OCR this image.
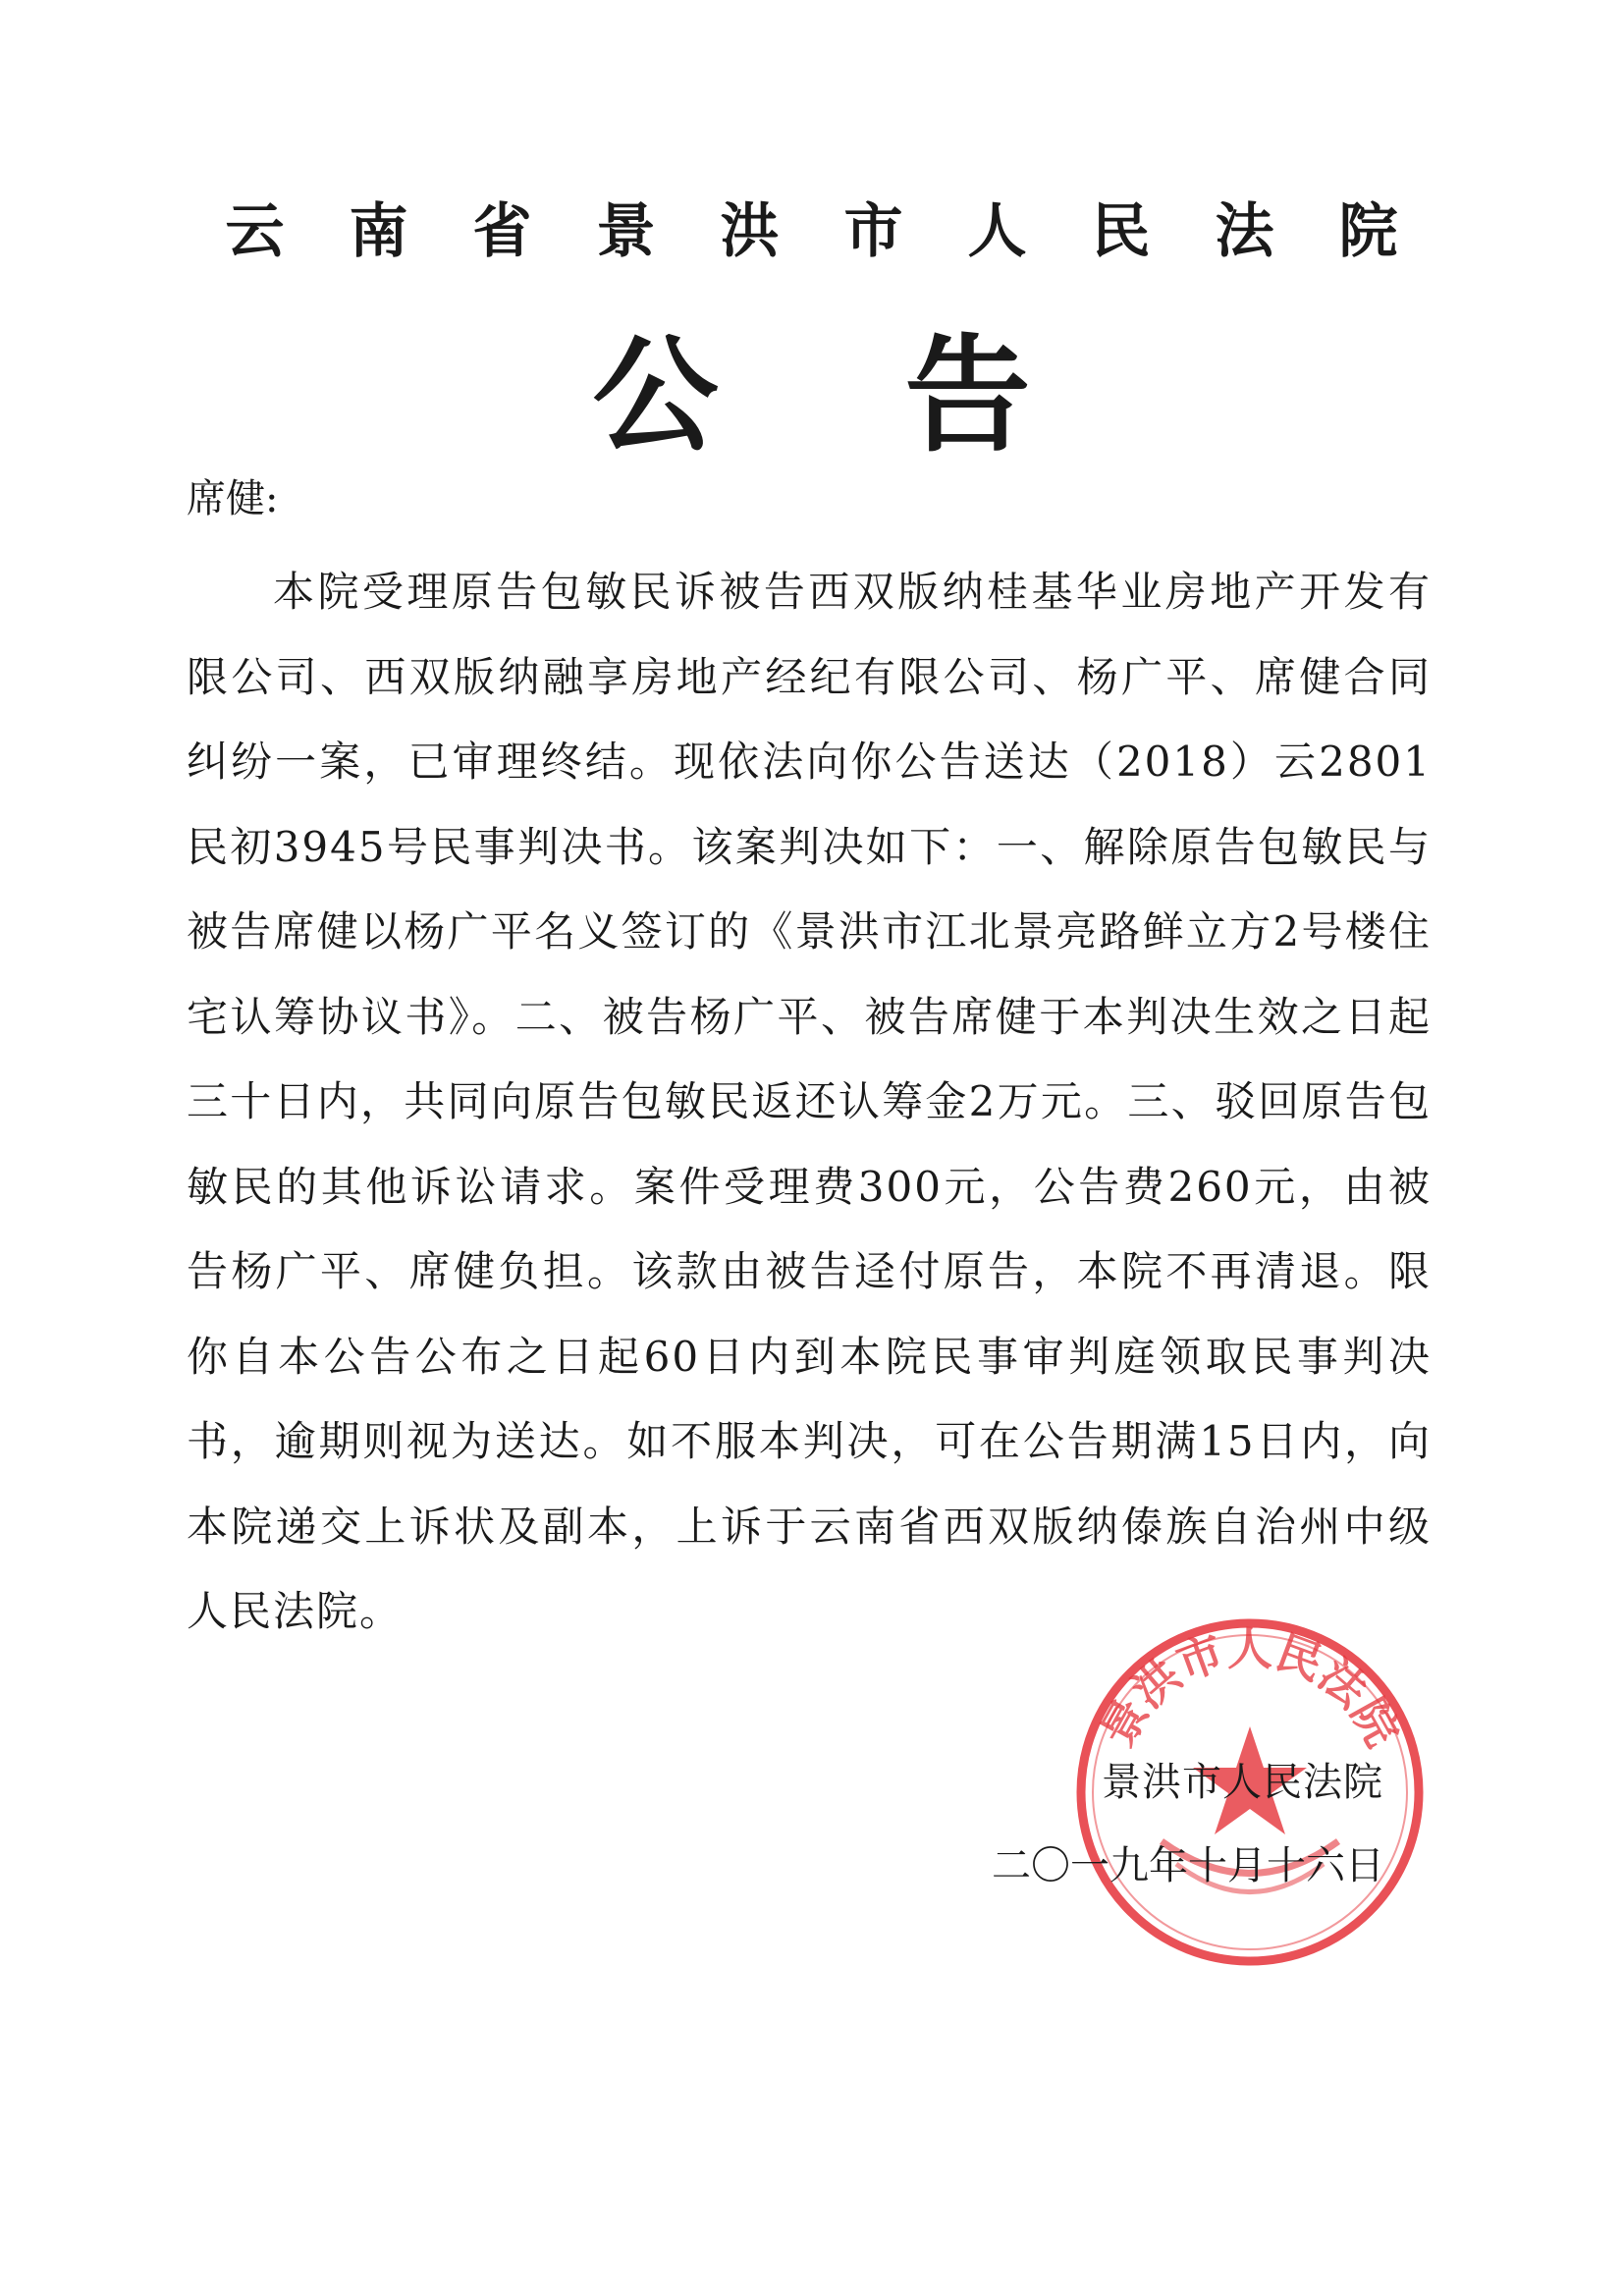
云南省景洪市人民法院
公告
席健:

本院受理原告包敏民诉被告西双版纳桂基华业房地产开发有限公司、西双版纳融享房地产经纪有限公司、杨广平、席健合同纠纷一案，已审理终结。现依法向你公告送达（2018）云2801民初3945号民事判决书。该案判决如下：一、解除原告包敏民与被告席健以杨广平名义签订的《景洪市江北景亮路鲜立方2号楼住宅认筹协议书》。二、被告杨广平、被告席健于本判决生效之日起三十日内，共同向原告包敏民返还认筹金2万元。三、驳回原告包敏民的其他诉讼请求。案件受理费300元，公告费260元，由被告杨广平、席健负担。该款由被告迳付原告，本院不再清退。限你自本公告公布之日起60日内到本院民事审判庭领取民事判决书，逾期则视为送达。如不服本判决，可在公告期满15日内，向本院递交上诉状及副本，上诉于云南省西双版纳傣族自治州中级人民法院。

景洪市人民法院
景洪市人民法院
二〇一九年十月十六日
